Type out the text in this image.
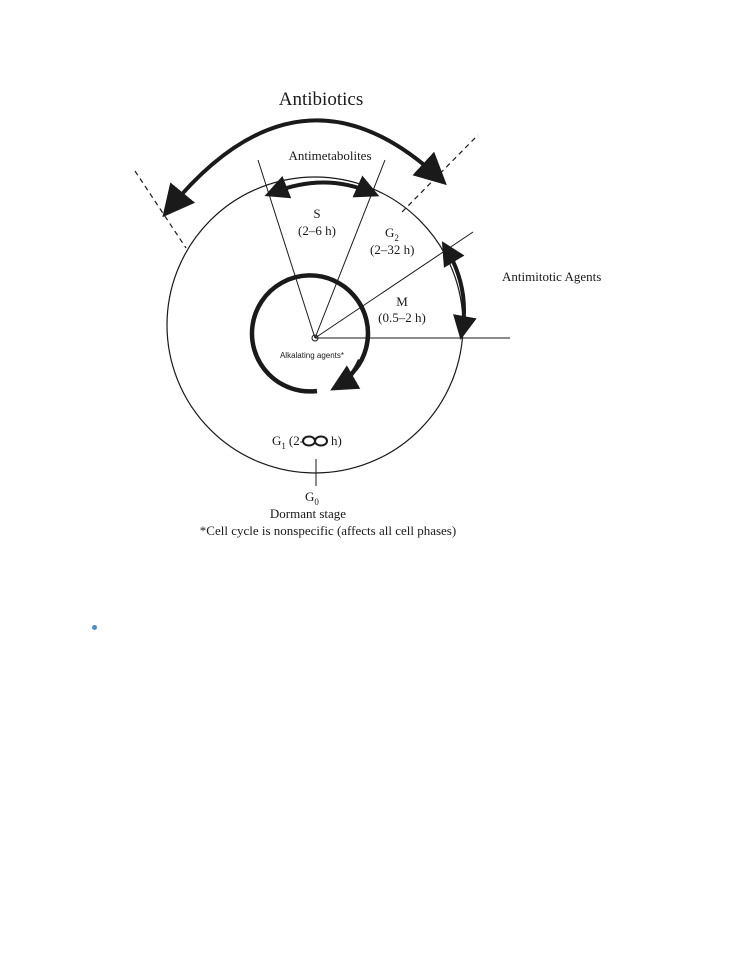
Antibiotics
Antimetabolites
Antimitotic Agents
S
(2–6 h)	$G_2$
(2–32 h)
M
(0.5–2 h)
Alkalating agents*
$G_1$ (2- h)
$G_0$
Dormant stage
*Cell cycle is nonspecific (affects all cell phases)
